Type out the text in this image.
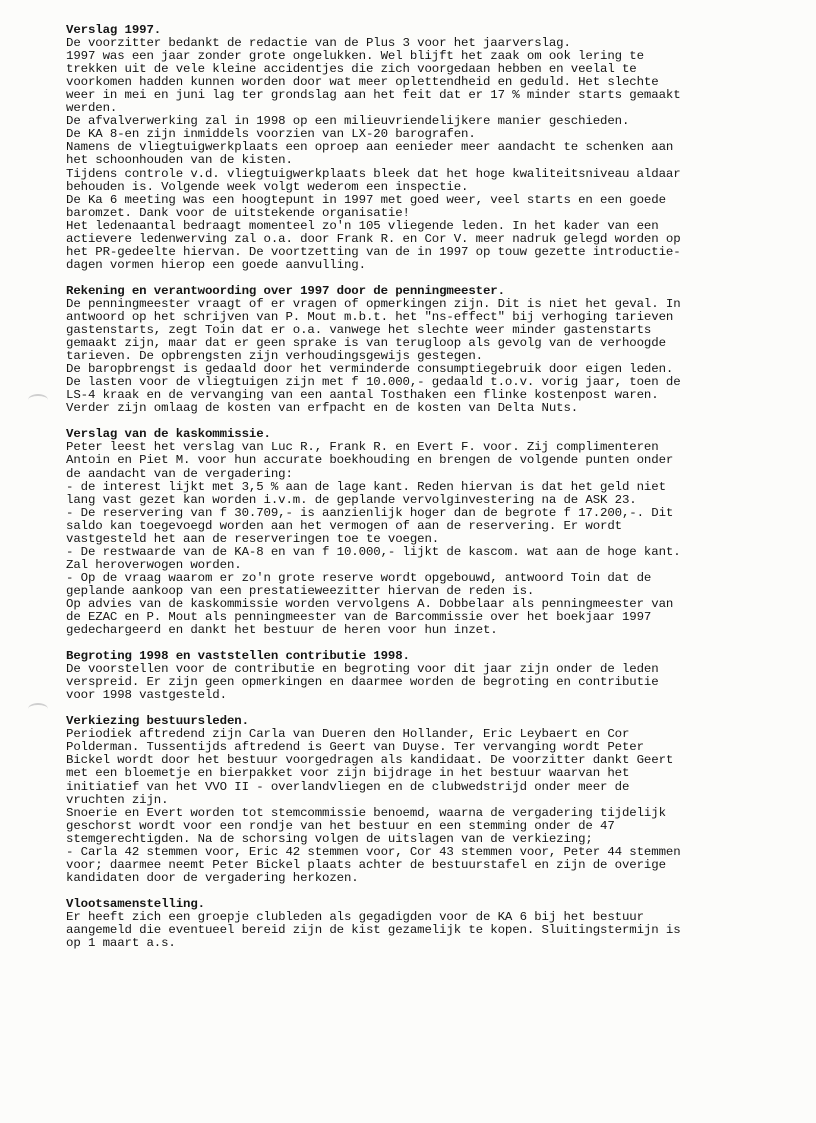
Verslag 1997.
De voorzitter bedankt de redactie van de Plus 3 voor het jaarverslag.
1997 was een jaar zonder grote ongelukken. Wel blijft het zaak om ook lering te
trekken uit de vele kleine accidentjes die zich voorgedaan hebben en veelal te
voorkomen hadden kunnen worden door wat meer oplettendheid en geduld. Het slechte
weer in mei en juni lag ter grondslag aan het feit dat er 17 % minder starts gemaakt
werden.
De afvalverwerking zal in 1998 op een milieuvriendelijkere manier geschieden.
De KA 8-en zijn inmiddels voorzien van LX-20 barografen.
Namens de vliegtuigwerkplaats een oproep aan eenieder meer aandacht te schenken aan
het schoonhouden van de kisten.
Tijdens controle v.d. vliegtuigwerkplaats bleek dat het hoge kwaliteitsniveau aldaar
behouden is. Volgende week volgt wederom een inspectie.
De Ka 6 meeting was een hoogtepunt in 1997 met goed weer, veel starts en een goede
baromzet. Dank voor de uitstekende organisatie!
Het ledenaantal bedraagt momenteel zo'n 105 vliegende leden. In het kader van een
actievere ledenwerving zal o.a. door Frank R. en Cor V. meer nadruk gelegd worden op
het PR-gedeelte hiervan. De voortzetting van de in 1997 op touw gezette introductie-
dagen vormen hierop een goede aanvulling.
Rekening en verantwoording over 1997 door de penningmeester.
De penningmeester vraagt of er vragen of opmerkingen zijn. Dit is niet het geval. In
antwoord op het schrijven van P. Mout m.b.t. het "ns-effect" bij verhoging tarieven
gastenstarts, zegt Toin dat er o.a. vanwege het slechte weer minder gastenstarts
gemaakt zijn, maar dat er geen sprake is van terugloop als gevolg van de verhoogde
tarieven. De opbrengsten zijn verhoudingsgewijs gestegen.
De baropbrengst is gedaald door het verminderde consumptiegebruik door eigen leden.
De lasten voor de vliegtuigen zijn met f 10.000,- gedaald t.o.v. vorig jaar, toen de
LS-4 kraak en de vervanging van een aantal Tosthaken een flinke kostenpost waren.
Verder zijn omlaag de kosten van erfpacht en de kosten van Delta Nuts.
Verslag van de kaskommissie.
Peter leest het verslag van Luc R., Frank R. en Evert F. voor. Zij complimenteren
Antoin en Piet M. voor hun accurate boekhouding en brengen de volgende punten onder
de aandacht van de vergadering:
- de interest lijkt met 3,5 % aan de lage kant. Reden hiervan is dat het geld niet
lang vast gezet kan worden i.v.m. de geplande vervolginvestering na de ASK 23.
- De reservering van f 30.709,- is aanzienlijk hoger dan de begrote f 17.200,-. Dit
saldo kan toegevoegd worden aan het vermogen of aan de reservering. Er wordt
vastgesteld het aan de reserveringen toe te voegen.
- De restwaarde van de KA-8 en van f 10.000,- lijkt de kascom. wat aan de hoge kant.
Zal heroverwogen worden.
- Op de vraag waarom er zo'n grote reserve wordt opgebouwd, antwoord Toin dat de
geplande aankoop van een prestatieweezitter hiervan de reden is.
Op advies van de kaskommissie worden vervolgens A. Dobbelaar als penningmeester van
de EZAC en P. Mout als penningmeester van de Barcommissie over het boekjaar 1997
gedechargeerd en dankt het bestuur de heren voor hun inzet.
Begroting 1998 en vaststellen contributie 1998.
De voorstellen voor de contributie en begroting voor dit jaar zijn onder de leden
verspreid. Er zijn geen opmerkingen en daarmee worden de begroting en contributie
voor 1998 vastgesteld.
Verkiezing bestuursleden.
Periodiek aftredend zijn Carla van Dueren den Hollander, Eric Leybaert en Cor
Polderman. Tussentijds aftredend is Geert van Duyse. Ter vervanging wordt Peter
Bickel wordt door het bestuur voorgedragen als kandidaat. De voorzitter dankt Geert
met een bloemetje en bierpakket voor zijn bijdrage in het bestuur waarvan het
initiatief van het VVO II - overlandvliegen en de clubwedstrijd onder meer de
vruchten zijn.
Snoerie en Evert worden tot stemcommissie benoemd, waarna de vergadering tijdelijk
geschorst wordt voor een rondje van het bestuur en een stemming onder de 47
stemgerechtigden. Na de schorsing volgen de uitslagen van de verkiezing;
- Carla 42 stemmen voor, Eric 42 stemmen voor, Cor 43 stemmen voor, Peter 44 stemmen
voor; daarmee neemt Peter Bickel plaats achter de bestuurstafel en zijn de overige
kandidaten door de vergadering herkozen.
Vlootsamenstelling.
Er heeft zich een groepje clubleden als gegadigden voor de KA 6 bij het bestuur
aangemeld die eventueel bereid zijn de kist gezamelijk te kopen. Sluitingstermijn is
op 1 maart a.s.
